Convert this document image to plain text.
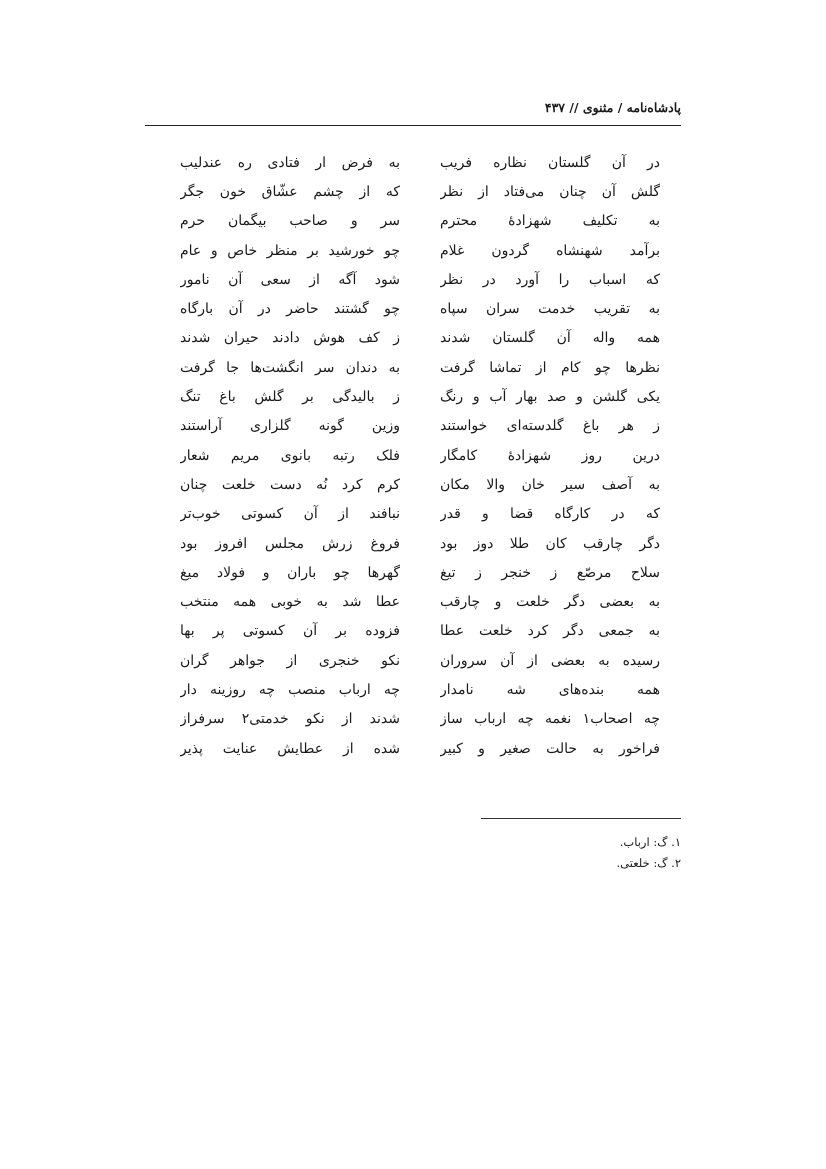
پادشاه‌نامه / مثنوی // ۴۳۷
در آن گلستان نظاره فریب
به فرض ار فتادی ره عندلیب
گلش آن چنان می‌فتاد از نظر
که از چشم عشّاق خون جگر
به تکلیف شهزادهٔ محترم
سر و صاحب بیگمان حرم
برآمد شهنشاه گردون غلام
چو خورشید بر منظر خاص و عام
که اسباب را آورد در نظر
شود آگه از سعی آن نامور
به تقریب خدمت سران سپاه
چو گشتند حاضر در آن بارگاه
همه واله آن گلستان شدند
ز کف هوش دادند حیران شدند
نظرها چو کام از تماشا گرفت
به دندان سر انگشت‌ها جا گرفت
یکی گلشن و صد بهار آب و رنگ
ز بالیدگی بر گلش باغ تنگ
ز هر باغ گلدسته‌ای خواستند
وزین گونه گلزاری آراستند
درین روز شهزادهٔ کامگار
فلک رتبه بانوی مریم شعار
به آصف سیر خان والا مکان
کرم کرد نُه دست خلعت چنان
که در کارگاه قضا و قدر
نبافند از آن کسوتی خوب‌تر
دگر چارقب کان طلا دوز بود
فروغ زرش مجلس افروز بود
سلاح مرصّع ز خنجر ز تیغ
گهرها چو باران و فولاد میغ
به بعضی دگر خلعت و چارقب
عطا شد به خوبی همه منتخب
به جمعی دگر کرد خلعت عطا
فزوده بر آن کسوتی پر بها
رسیده به بعضی از آن سروران
نکو خنجری از جواهر گران
همه بنده‌های شه نامدار
چه ارباب منصب چه روزینه دار
چه اصحاب۱ نغمه چه ارباب ساز
شدند از نکو خدمتی۲ سرفراز
فراخور به حالت صغیر و کبیر
شده از عطایش عنایت پذیر
۱. گ: ارباب.
۲. گ: خلعتی.
